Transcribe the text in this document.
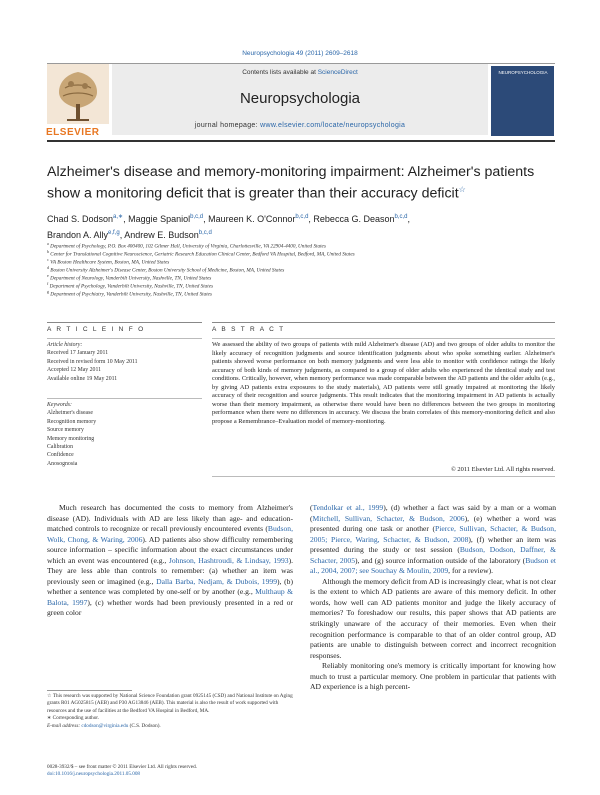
Neuropsychologia 49 (2011) 2609–2618
Contents lists available at ScienceDirect
Neuropsychologia
journal homepage: www.elsevier.com/locate/neuropsychologia
ELSEVIER
NEUROPSYCHOLOGIA
Alzheimer's disease and memory-monitoring impairment: Alzheimer's patients show a monitoring deficit that is greater than their accuracy deficit☆
Chad S. Dodson$^{a,∗}$, Maggie Spaniol$^{b,c,d}$, Maureen K. O'Connor$^{b,c,d}$, Rebecca G. Deason$^{b,c,d}$,
Brandon A. Ally$^{e,f,g}$, Andrew E. Budson$^{b,c,d}$
$^a$ Department of Psychology, P.O. Box 400400, 102 Gilmer Hall, University of Virginia, Charlottesville, VA 22904-4400, United States
$^b$ Center for Translational Cognitive Neuroscience, Geriatric Research Education Clinical Center, Bedford VA Hospital, Bedford, MA, United States
$^c$ VA Boston Healthcare System, Boston, MA, United States
$^d$ Boston University Alzheimer's Disease Center, Boston University School of Medicine, Boston, MA, United States
$^e$ Department of Neurology, Vanderbilt University, Nashville, TN, United States
$^f$ Department of Psychology, Vanderbilt University, Nashville, TN, United States
$^g$ Department of Psychiatry, Vanderbilt University, Nashville, TN, United States
A R T I C L E I N F O	A B S T R A C T
Article history:
Received 17 January 2011
Received in revised form 10 May 2011
Accepted 12 May 2011
Available online 19 May 2011
Keywords:
Alzheimer's disease
Recognition memory
Source memory
Memory monitoring
Calibration
Confidence
Anosognosia
We assessed the ability of two groups of patients with mild Alzheimer's disease (AD) and two groups of older adults to monitor the likely accuracy of recognition judgments and source identification judgments about who spoke something earlier. Alzheimer's patients showed worse performance on both memory judgments and were less able to monitor with confidence ratings the likely accuracy of both kinds of memory judgments, as compared to a group of older adults who experienced the identical study and test conditions. Critically, however, when memory performance was made comparable between the AD patients and the older adults (e.g., by giving AD patients extra exposures to the study materials), AD patients were still greatly impaired at monitoring the likely accuracy of their recognition and source judgments. This result indicates that the monitoring impairment in AD patients is actually worse than their memory impairment, as otherwise there would have been no differences between the two groups in monitoring performance when there were no differences in accuracy. We discuss the brain correlates of this memory-monitoring deficit and also propose a Remembrance–Evaluation model of memory-monitoring.
© 2011 Elsevier Ltd. All rights reserved.

Much research has documented the costs to memory from Alzheimer's disease (AD). Individuals with AD are less likely than age- and education-matched controls to recognize or recall previously encountered events (Budson, Wolk, Chong, & Waring, 2006). AD patients also show difficulty remembering source information – specific information about the exact circumstances under which an event was encountered (e.g., Johnson, Hashtroudi, & Lindsay, 1993). They are less able than controls to remember: (a) whether an item was previously seen or imagined (e.g., Dalla Barba, Nedjam, & Dubois, 1999), (b) whether a sentence was completed by one-self or by another (e.g., Multhaup & Balota, 1997), (c) whether words had been previously presented in a red or green color

(Tendolkar et al., 1999), (d) whether a fact was said by a man or a woman (Mitchell, Sullivan, Schacter, & Budson, 2006), (e) whether a word was presented during one task or another (Pierce, Sullivan, Schacter, & Budson, 2005; Pierce, Waring, Schacter, & Budson, 2008), (f) whether an item was presented during the study or test session (Budson, Dodson, Daffner, & Schacter, 2005), and (g) source information outside of the laboratory (Budson et al., 2004, 2007; see Souchay & Moulin, 2009, for a review).

Although the memory deficit from AD is increasingly clear, what is not clear is the extent to which AD patients are aware of this memory deficit. In other words, how well can AD patients monitor and judge the likely accuracy of memories? To foreshadow our results, this paper shows that AD patients are strikingly unaware of the accuracy of their memories. Even when their recognition performance is comparable to that of an older control group, AD patients are unable to distinguish between correct and incorrect recognition responses.

Reliably monitoring one's memory is critically important for knowing how much to trust a particular memory. One problem in particular that patients with AD experience is a high percent-

☆ This research was supported by National Science Foundation grant 0925145 (CSD) and National Institute on Aging grants R01 AG025815 (AEB) and P30 AG13846 (AEB). This material is also the result of work supported with resources and the use of facilities at the Bedford VA Hospital in Bedford, MA.

∗ Corresponding author.

E-mail address: cdodson@virginia.edu (C.S. Dodson).

0028-3932/$ – see front matter © 2011 Elsevier Ltd. All rights reserved.
doi:10.1016/j.neuropsychologia.2011.05.008
